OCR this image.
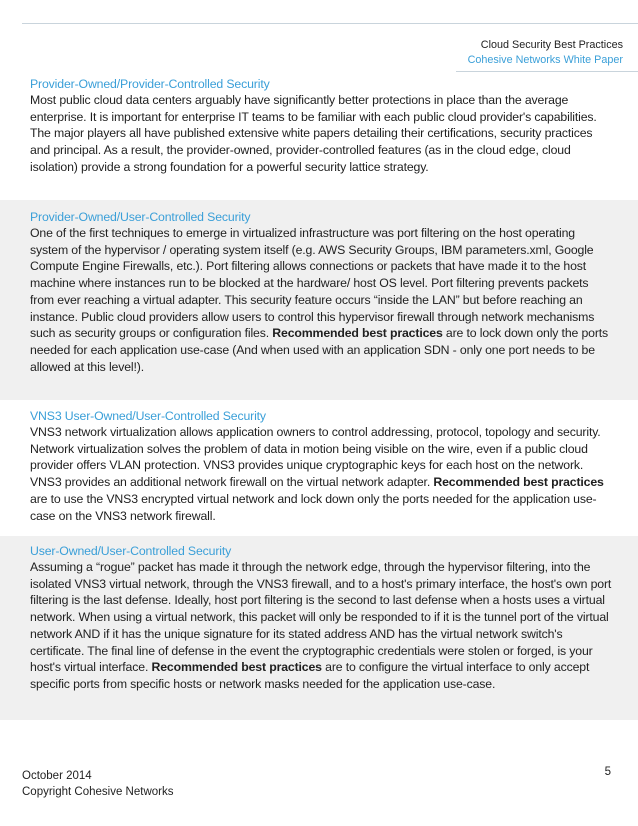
Cloud Security Best Practices
Cohesive Networks White Paper
Provider-Owned/Provider-Controlled Security
Most public cloud data centers arguably have significantly better protections in place than the average enterprise. It is important for enterprise IT teams to be familiar with each public cloud provider's capabilities. The major players all have published extensive white papers detailing their certifications, security practices and principal. As a result, the provider-owned, provider-controlled features (as in the cloud edge, cloud isolation) provide a strong foundation for a powerful security lattice strategy.
Provider-Owned/User-Controlled Security
One of the first techniques to emerge in virtualized infrastructure was port filtering on the host operating system of the hypervisor / operating system itself (e.g. AWS Security Groups, IBM parameters.xml, Google Compute Engine Firewalls, etc.). Port filtering allows connections or packets that have made it to the host machine where instances run to be blocked at the hardware/ host OS level. Port filtering prevents packets from ever reaching a virtual adapter. This security feature occurs “inside the LAN” but before reaching an instance. Public cloud providers allow users to control this hypervisor firewall through network mechanisms such as security groups or configuration files. Recommended best practices are to lock down only the ports needed for each application use-case (And when used with an application SDN - only one port needs to be allowed at this level!).
VNS3 User-Owned/User-Controlled Security
VNS3 network virtualization allows application owners to control addressing, protocol, topology and security. Network virtualization solves the problem of data in motion being visible on the wire, even if a public cloud provider offers VLAN protection. VNS3 provides unique cryptographic keys for each host on the network. VNS3 provides an additional network firewall on the virtual network adapter. Recommended best practices are to use the VNS3 encrypted virtual network and lock down only the ports needed for the application use-case on the VNS3 network firewall.
User-Owned/User-Controlled Security
Assuming a “rogue” packet has made it through the network edge, through the hypervisor filtering, into the isolated VNS3 virtual network, through the VNS3 firewall, and to a host's primary interface, the host's own port filtering is the last defense. Ideally, host port filtering is the second to last defense when a hosts uses a virtual network. When using a virtual network, this packet will only be responded to if it is the tunnel port of the virtual network AND if it has the unique signature for its stated address AND has the virtual network switch's certificate. The final line of defense in the event the cryptographic credentials were stolen or forged, is your host's virtual interface. Recommended best practices are to configure the virtual interface to only accept specific ports from specific hosts or network masks needed for the application use-case.
October 2014
Copyright Cohesive Networks
5
